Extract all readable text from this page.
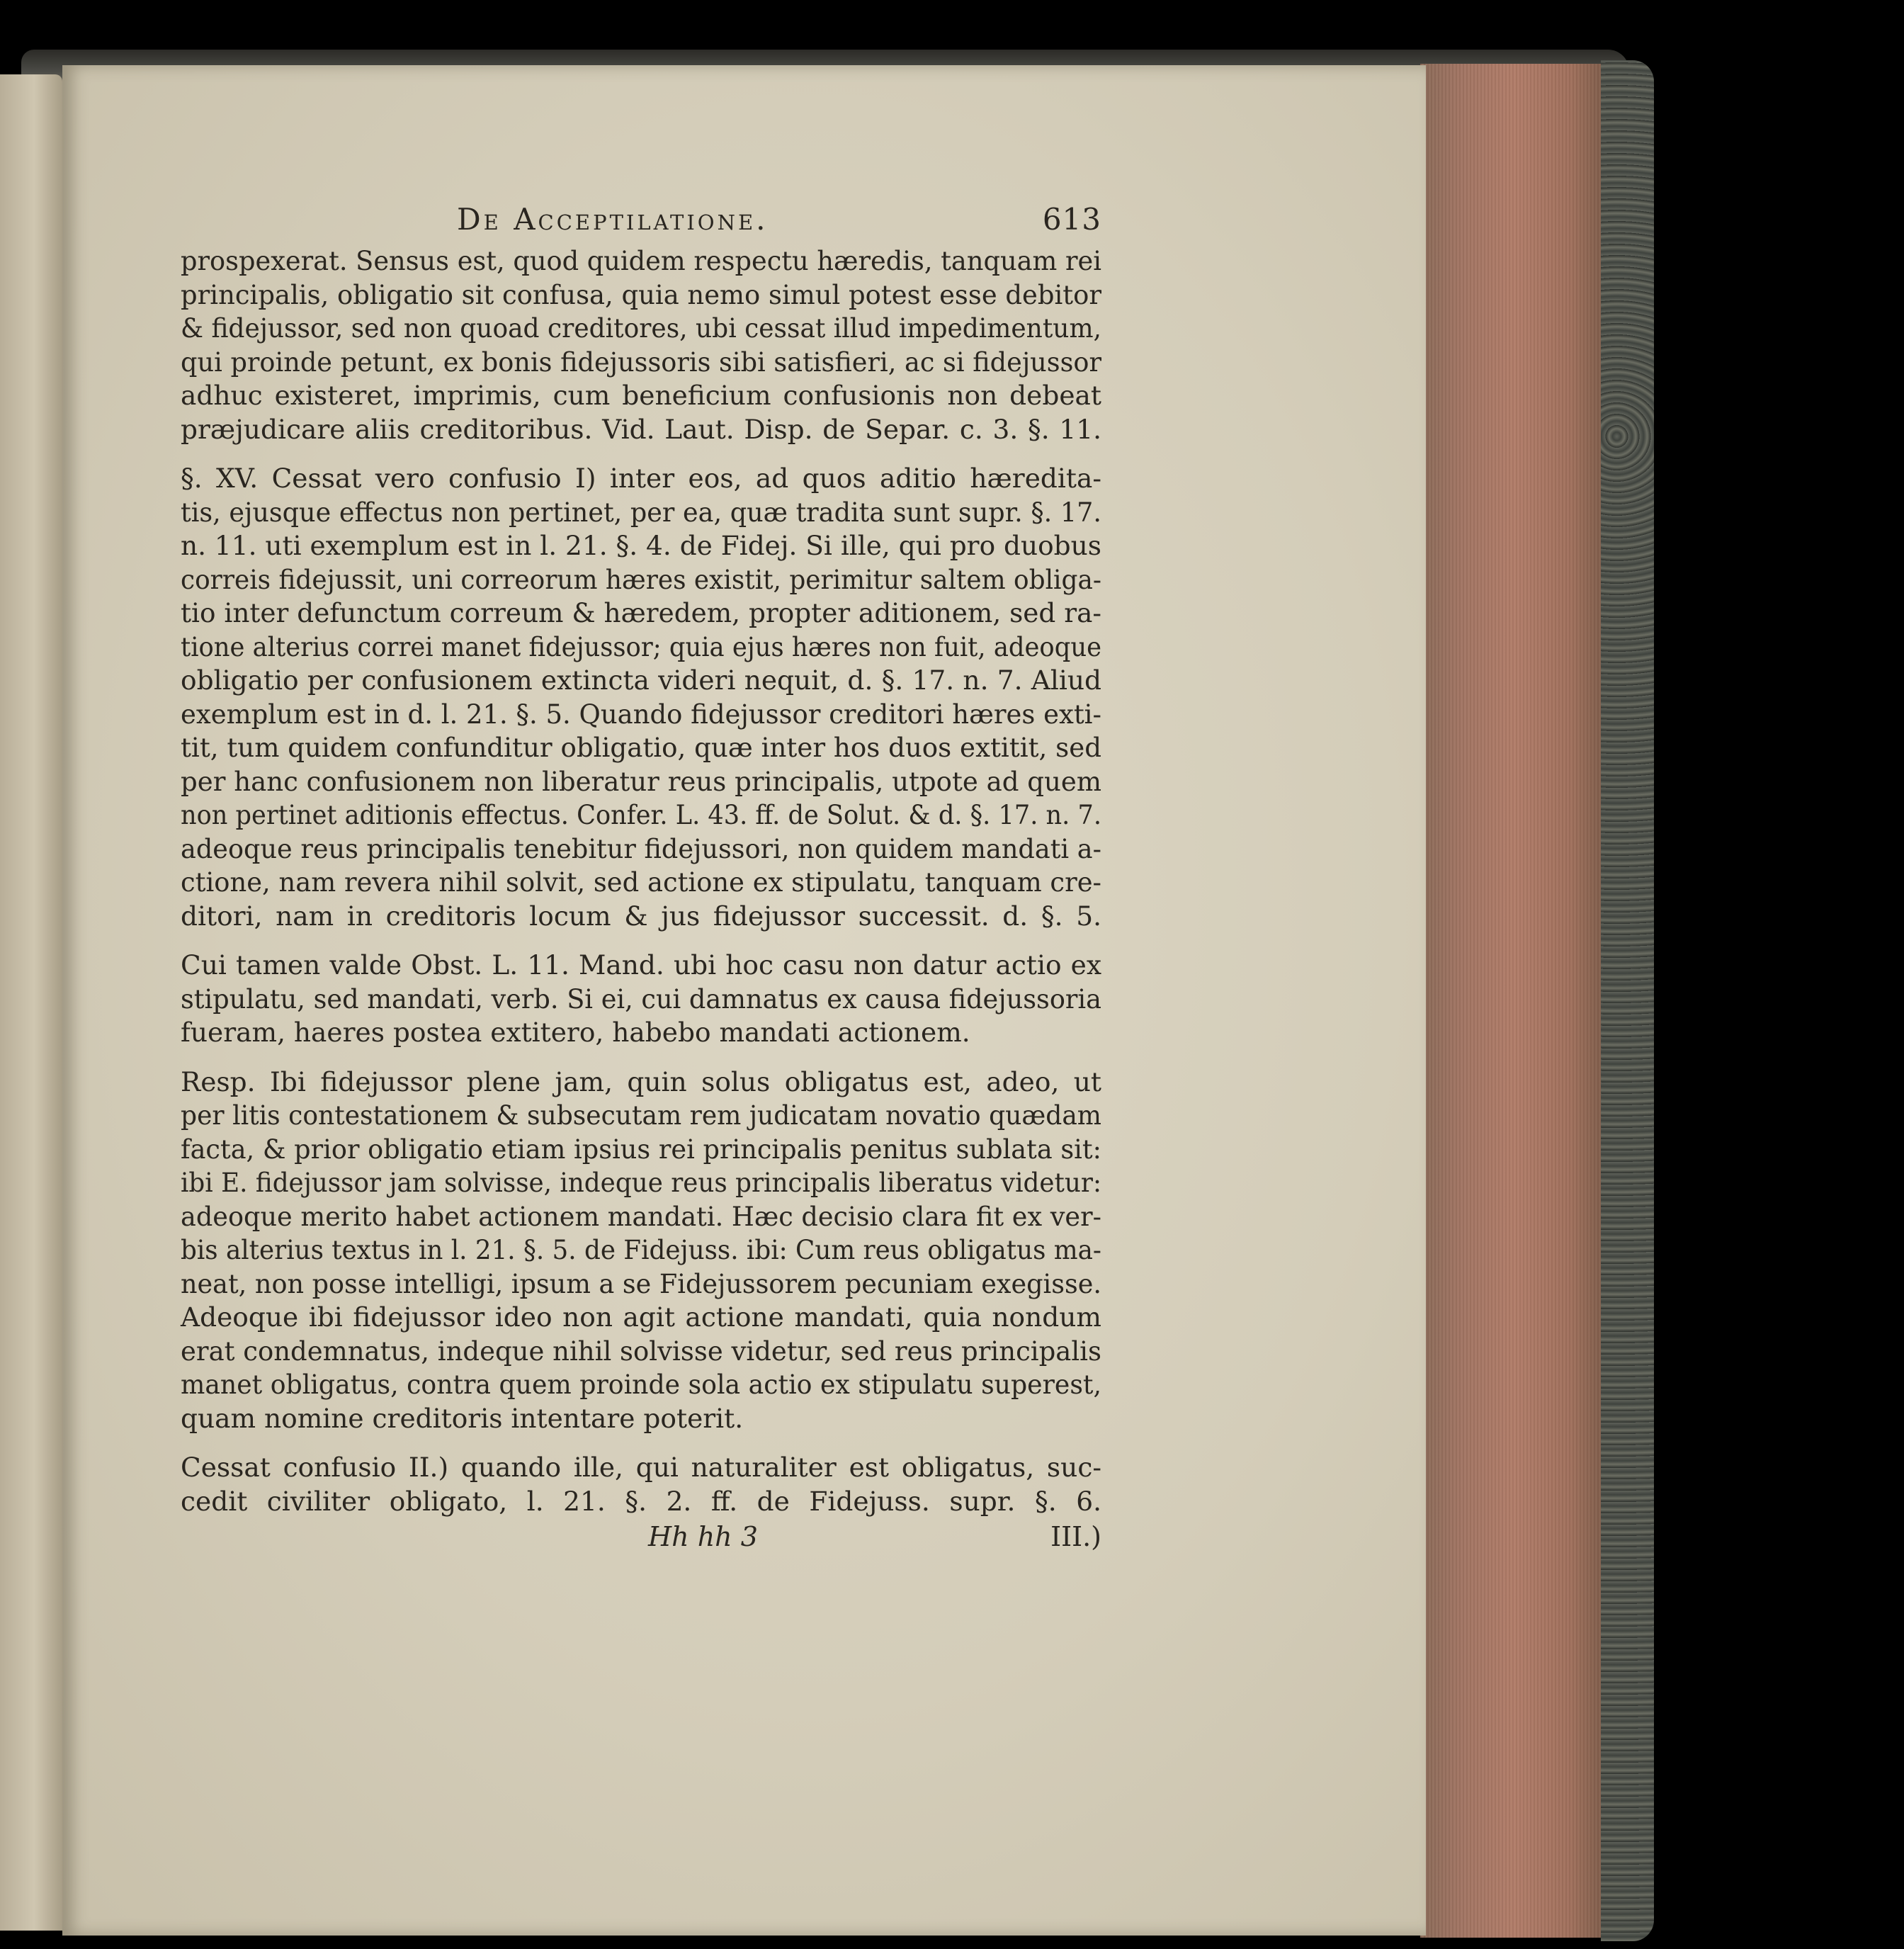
De Acceptilatione.	613

prospexerat. Sensus est, quod quidem respectu hæredis, tanquam rei
principalis, obligatio sit confusa, quia nemo simul potest esse debitor
& fidejussor, sed non quoad creditores, ubi cessat illud impedimentum,
qui proinde petunt, ex bonis fidejussoris sibi satisfieri, ac si fidejussor
adhuc existeret, imprimis, cum beneficium confusionis non debeat
præjudicare aliis creditoribus. Vid. Laut. Disp. de Separ. c. 3. §. 11.

§. XV. Cessat vero confusio I) inter eos, ad quos aditio hæredita-
tis, ejusque effectus non pertinet, per ea, quæ tradita sunt supr. §. 17.
n. 11. uti exemplum est in l. 21. §. 4. de Fidej. Si ille, qui pro duobus
correis fidejussit, uni correorum hæres existit, perimitur saltem obliga-
tio inter defunctum correum & hæredem, propter aditionem, sed ra-
tione alterius correi manet fidejussor; quia ejus hæres non fuit, adeoque
obligatio per confusionem extincta videri nequit, d. §. 17. n. 7. Aliud
exemplum est in d. l. 21. §. 5. Quando fidejussor creditori hæres exti-
tit, tum quidem confunditur obligatio, quæ inter hos duos extitit, sed
per hanc confusionem non liberatur reus principalis, utpote ad quem
non pertinet aditionis effectus. Confer. L. 43. ff. de Solut. & d. §. 17. n. 7.
adeoque reus principalis tenebitur fidejussori, non quidem mandati a-
ctione, nam revera nihil solvit, sed actione ex stipulatu, tanquam cre-
ditori, nam in creditoris locum & jus fidejussor successit. d. §. 5.

Cui tamen valde Obst. L. 11. Mand. ubi hoc casu non datur actio ex
stipulatu, sed mandati, verb. Si ei, cui damnatus ex causa fidejussoria
fueram, haeres postea extitero, habebo mandati actionem.

Resp. Ibi fidejussor plene jam, quin solus obligatus est, adeo, ut
per litis contestationem & subsecutam rem judicatam novatio quædam
facta, & prior obligatio etiam ipsius rei principalis penitus sublata sit:
ibi E. fidejussor jam solvisse, indeque reus principalis liberatus videtur:
adeoque merito habet actionem mandati. Hæc decisio clara fit ex ver-
bis alterius textus in l. 21. §. 5. de Fidejuss. ibi: Cum reus obligatus ma-
neat, non posse intelligi, ipsum a se Fidejussorem pecuniam exegisse.
Adeoque ibi fidejussor ideo non agit actione mandati, quia nondum
erat condemnatus, indeque nihil solvisse videtur, sed reus principalis
manet obligatus, contra quem proinde sola actio ex stipulatu superest,
quam nomine creditoris intentare poterit.

Cessat confusio II.) quando ille, qui naturaliter est obligatus, suc-
cedit civiliter obligato, l. 21. §. 2. ff. de Fidejuss. supr. §. 6.

Hh hh 3	III.)
